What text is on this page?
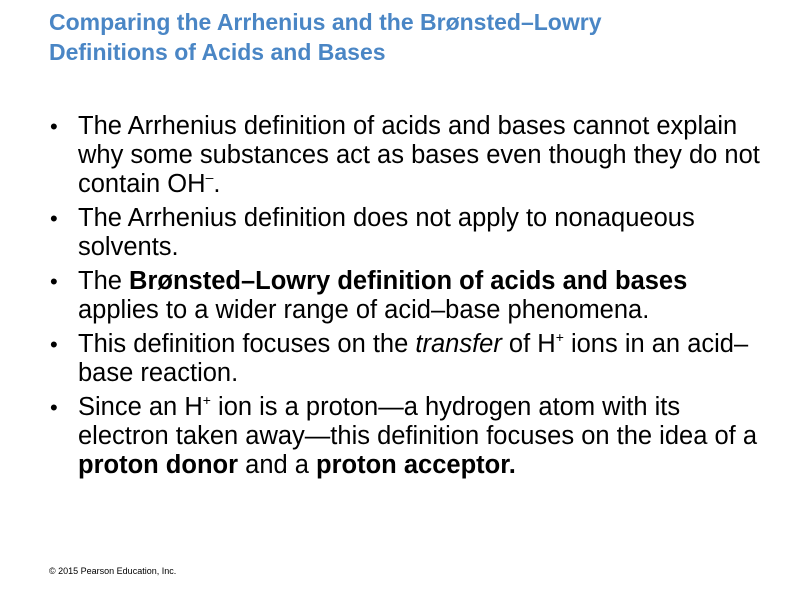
Comparing the Arrhenius and the Brønsted–Lowry
Definitions of Acids and Bases
• The Arrhenius definition of acids and bases cannot explain why some substances act as bases even though they do not contain OH–.
• The Arrhenius definition does not apply to nonaqueous solvents.
• The Brønsted–Lowry definition of acids and bases applies to a wider range of acid–base phenomena.
• This definition focuses on the transfer of H+ ions in an acid–base reaction.
• Since an H+ ion is a proton—a hydrogen atom with its electron taken away—this definition focuses on the idea of a proton donor and a proton acceptor.

© 2015 Pearson Education, Inc.
